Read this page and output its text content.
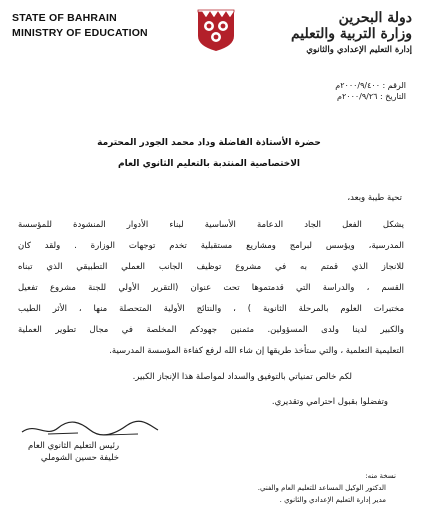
STATE OF BAHRAIN
MINISTRY OF EDUCATION
دولة البحرين
وزارة التربية والتعليم
إدارة التعليم الإعدادي والثانوي
الرقم : ٢٠٠٠/٩/٤٠٠م
التاريخ : ٢٠٠٠/٩/٢٦م
حضرة الأستاذة الفاضلة وداد محمد الجودر المحترمة
الاختصاصية المنتدبة بالتعليم الثانوي العام
تحية طيبة وبعد،
يشكل الفعل الجاد الدعامة الأساسية لبناء الأدوار المنشودة للمؤسسة
المدرسية، ويؤسس لبرامج ومشاريع مستقبلية تخدم توجهات الوزارة . ولقد كان
للانجاز الذي قمتم به في مشروع توظيف الجانب العملي التطبيقي الذي تبناه
القسم ، والدراسة التي قدمتموها تحت عنوان (التقرير الأولي للجنة مشروع تفعيل
مختبرات العلوم بالمرحلة الثانوية ) ، والنتائج الأولية المتحصلة منها ، الأثر الطيب
والكبير لدينا ولدى المسؤولين. مثمنين جهودكم المخلصة في مجال تطوير العملية
التعليمية التعلمية ، والتي ستأخذ طريقها إن شاء الله لرفع كفاءة المؤسسة المدرسية.
لكم خالص تمنياتي بالتوفيق والسداد لمواصلة هذا الإنجاز الكبير.
وتفضلوا بقبول احترامي وتقديري.
رئيس التعليم الثانوي العام
خليفة حسين الشوملي
نسخة منه:
الدكتور الوكيل المساعد للتعليم العام والفني.
مدير إدارة التعليم الإعدادي والثانوي .
